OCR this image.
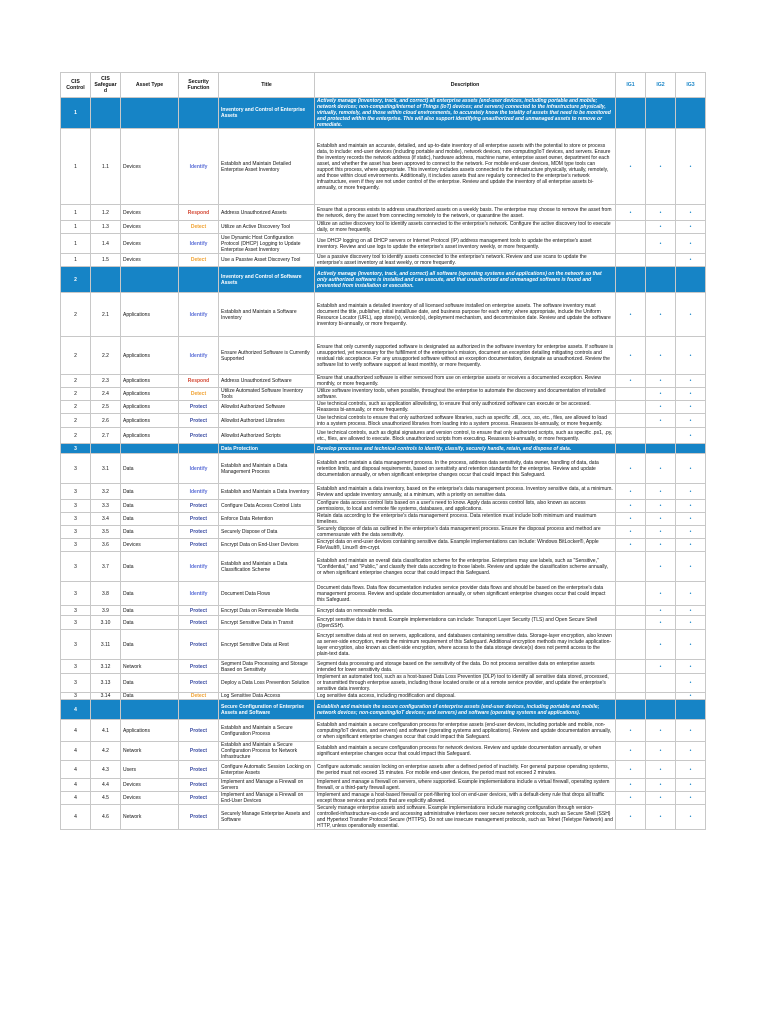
CIS Control	CIS Safeguard	Asset Type	Security Function	Title	Description	IG1	IG2	IG3
1				Inventory and Control of Enterprise Assets	Actively manage (inventory, track, and correct) all enterprise assets (end-user devices, including portable and mobile; network devices; non-computing/Internet of Things (IoT) devices; and servers) connected to the infrastructure physically, virtually, remotely, and those within cloud environments, to accurately know the totality of assets that need to be monitored and protected within the enterprise. This will also support identifying unauthorized and unmanaged assets to remove or remediate.			
1	1.1	Devices	Identify	Establish and Maintain Detailed Enterprise Asset Inventory	Establish and maintain an accurate, detailed, and up-to-date inventory of all enterprise assets with the potential to store or process data, to include: end-user devices (including portable and mobile), network devices, non-computing/IoT devices, and servers. Ensure the inventory records the network address (if static), hardware address, machine name, enterprise asset owner, department for each asset, and whether the asset has been approved to connect to the network. For mobile end-user devices, MDM type tools can support this process, where appropriate. This inventory includes assets connected to the infrastructure physically, virtually, remotely, and those within cloud environments. Additionally, it includes assets that are regularly connected to the enterprise's network infrastructure, even if they are not under control of the enterprise. Review and update the inventory of all enterprise assets bi-annually, or more frequently.	•	•	•
1	1.2	Devices	Respond	Address Unauthorized Assets	Ensure that a process exists to address unauthorized assets on a weekly basis. The enterprise may choose to remove the asset from the network, deny the asset from connecting remotely to the network, or quarantine the asset.	•	•	•
1	1.3	Devices	Detect	Utilize an Active Discovery Tool	Utilize an active discovery tool to identify assets connected to the enterprise's network. Configure the active discovery tool to execute daily, or more frequently.		•	•
1	1.4	Devices	Identify	Use Dynamic Host Configuration Protocol (DHCP) Logging to Update Enterprise Asset Inventory	Use DHCP logging on all DHCP servers or Internet Protocol (IP) address management tools to update the enterprise's asset inventory. Review and use logs to update the enterprise's asset inventory weekly, or more frequently.		•	•
1	1.5	Devices	Detect	Use a Passive Asset Discovery Tool	Use a passive discovery tool to identify assets connected to the enterprise's network. Review and use scans to update the enterprise's asset inventory at least weekly, or more frequently.			•
2				Inventory and Control of Software Assets	Actively manage (inventory, track, and correct) all software (operating systems and applications) on the network so that only authorized software is installed and can execute, and that unauthorized and unmanaged software is found and prevented from installation or execution.			
2	2.1	Applications	Identify	Establish and Maintain a Software Inventory	Establish and maintain a detailed inventory of all licensed software installed on enterprise assets. The software inventory must document the title, publisher, initial install/use date, and business purpose for each entry; where appropriate, include the Uniform Resource Locator (URL), app store(s), version(s), deployment mechanism, and decommission date. Review and update the software inventory bi-annually, or more frequently.	•	•	•
2	2.2	Applications	Identify	Ensure Authorized Software is Currently Supported	Ensure that only currently supported software is designated as authorized in the software inventory for enterprise assets. If software is unsupported, yet necessary for the fulfillment of the enterprise's mission, document an exception detailing mitigating controls and residual risk acceptance. For any unsupported software without an exception documentation, designate as unauthorized. Review the software list to verify software support at least monthly, or more frequently.	•	•	•
2	2.3	Applications	Respond	Address Unauthorized Software	Ensure that unauthorized software is either removed from use on enterprise assets or receives a documented exception. Review monthly, or more frequently.	•	•	•
2	2.4	Applications	Detect	Utilize Automated Software Inventory Tools	Utilize software inventory tools, when possible, throughout the enterprise to automate the discovery and documentation of installed software.		•	•
2	2.5	Applications	Protect	Allowlist Authorized Software	Use technical controls, such as application allowlisting, to ensure that only authorized software can execute or be accessed. Reassess bi-annually, or more frequently.		•	•
2	2.6	Applications	Protect	Allowlist Authorized Libraries	Use technical controls to ensure that only authorized software libraries, such as specific .dll, .ocx, .so, etc., files, are allowed to load into a system process. Block unauthorized libraries from loading into a system process. Reassess bi-annually, or more frequently.		•	•
2	2.7	Applications	Protect	Allowlist Authorized Scripts	Use technical controls, such as digital signatures and version control, to ensure that only authorized scripts, such as specific .ps1, .py, etc., files, are allowed to execute. Block unauthorized scripts from executing. Reassess bi-annually, or more frequently.			•
3				Data Protection	Develop processes and technical controls to identify, classify, securely handle, retain, and dispose of data.			
3	3.1	Data	Identify	Establish and Maintain a Data Management Process	Establish and maintain a data management process. In the process, address data sensitivity, data owner, handling of data, data retention limits, and disposal requirements, based on sensitivity and retention standards for the enterprise. Review and update documentation annually, or when significant enterprise changes occur that could impact this Safeguard.	•	•	•
3	3.2	Data	Identify	Establish and Maintain a Data Inventory	Establish and maintain a data inventory, based on the enterprise's data management process. Inventory sensitive data, at a minimum. Review and update inventory annually, at a minimum, with a priority on sensitive data.	•	•	•
3	3.3	Data	Protect	Configure Data Access Control Lists	Configure data access control lists based on a user's need to know. Apply data access control lists, also known as access permissions, to local and remote file systems, databases, and applications.	•	•	•
3	3.4	Data	Protect	Enforce Data Retention	Retain data according to the enterprise's data management process. Data retention must include both minimum and maximum timelines.	•	•	•
3	3.5	Data	Protect	Securely Dispose of Data	Securely dispose of data as outlined in the enterprise's data management process. Ensure the disposal process and method are commensurate with the data sensitivity.	•	•	•
3	3.6	Devices	Protect	Encrypt Data on End-User Devices	Encrypt data on end-user devices containing sensitive data. Example implementations can include: Windows BitLocker®, Apple FileVault®, Linux® dm-crypt.	•	•	•
3	3.7	Data	Identify	Establish and Maintain a Data Classification Scheme	Establish and maintain an overall data classification scheme for the enterprise. Enterprises may use labels, such as "Sensitive," "Confidential," and "Public," and classify their data according to those labels. Review and update the classification scheme annually, or when significant enterprise changes occur that could impact this Safeguard.		•	•
3	3.8	Data	Identify	Document Data Flows	Document data flows. Data flow documentation includes service provider data flows and should be based on the enterprise's data management process. Review and update documentation annually, or when significant enterprise changes occur that could impact this Safeguard.		•	•
3	3.9	Data	Protect	Encrypt Data on Removable Media	Encrypt data on removable media.		•	•
3	3.10	Data	Protect	Encrypt Sensitive Data in Transit	Encrypt sensitive data in transit. Example implementations can include: Transport Layer Security (TLS) and Open Secure Shell (OpenSSH).		•	•
3	3.11	Data	Protect	Encrypt Sensitive Data at Rest	Encrypt sensitive data at rest on servers, applications, and databases containing sensitive data. Storage-layer encryption, also known as server-side encryption, meets the minimum requirement of this Safeguard. Additional encryption methods may include application-layer encryption, also known as client-side encryption, where access to the data storage device(s) does not permit access to the plain-text data.		•	•
3	3.12	Network	Protect	Segment Data Processing and Storage Based on Sensitivity	Segment data processing and storage based on the sensitivity of the data. Do not process sensitive data on enterprise assets intended for lower sensitivity data.		•	•
3	3.13	Data	Protect	Deploy a Data Loss Prevention Solution	Implement an automated tool, such as a host-based Data Loss Prevention (DLP) tool to identify all sensitive data stored, processed, or transmitted through enterprise assets, including those located onsite or at a remote service provider, and update the enterprise's sensitive data inventory.			•
3	3.14	Data	Detect	Log Sensitive Data Access	Log sensitive data access, including modification and disposal.			•
4				Secure Configuration of Enterprise Assets and Software	Establish and maintain the secure configuration of enterprise assets (end-user devices, including portable and mobile; network devices; non-computing/IoT devices; and servers) and software (operating systems and applications).			
4	4.1	Applications	Protect	Establish and Maintain a Secure Configuration Process	Establish and maintain a secure configuration process for enterprise assets (end-user devices, including portable and mobile, non-computing/IoT devices, and servers) and software (operating systems and applications). Review and update documentation annually, or when significant enterprise changes occur that could impact this Safeguard.	•	•	•
4	4.2	Network	Protect	Establish and Maintain a Secure Configuration Process for Network Infrastructure	Establish and maintain a secure configuration process for network devices. Review and update documentation annually, or when significant enterprise changes occur that could impact this Safeguard.	•	•	•
4	4.3	Users	Protect	Configure Automatic Session Locking on Enterprise Assets	Configure automatic session locking on enterprise assets after a defined period of inactivity. For general purpose operating systems, the period must not exceed 15 minutes. For mobile end-user devices, the period must not exceed 2 minutes.	•	•	•
4	4.4	Devices	Protect	Implement and Manage a Firewall on Servers	Implement and manage a firewall on servers, where supported. Example implementations include a virtual firewall, operating system firewall, or a third-party firewall agent.	•	•	•
4	4.5	Devices	Protect	Implement and Manage a Firewall on End-User Devices	Implement and manage a host-based firewall or port-filtering tool on end-user devices, with a default-deny rule that drops all traffic except those services and ports that are explicitly allowed.	•	•	•
4	4.6	Network	Protect	Securely Manage Enterprise Assets and Software	Securely manage enterprise assets and software. Example implementations include managing configuration through version-controlled-infrastructure-as-code and accessing administrative interfaces over secure network protocols, such as Secure Shell (SSH) and Hypertext Transfer Protocol Secure (HTTPS). Do not use insecure management protocols, such as Telnet (Teletype Network) and HTTP, unless operationally essential.	•	•	•
